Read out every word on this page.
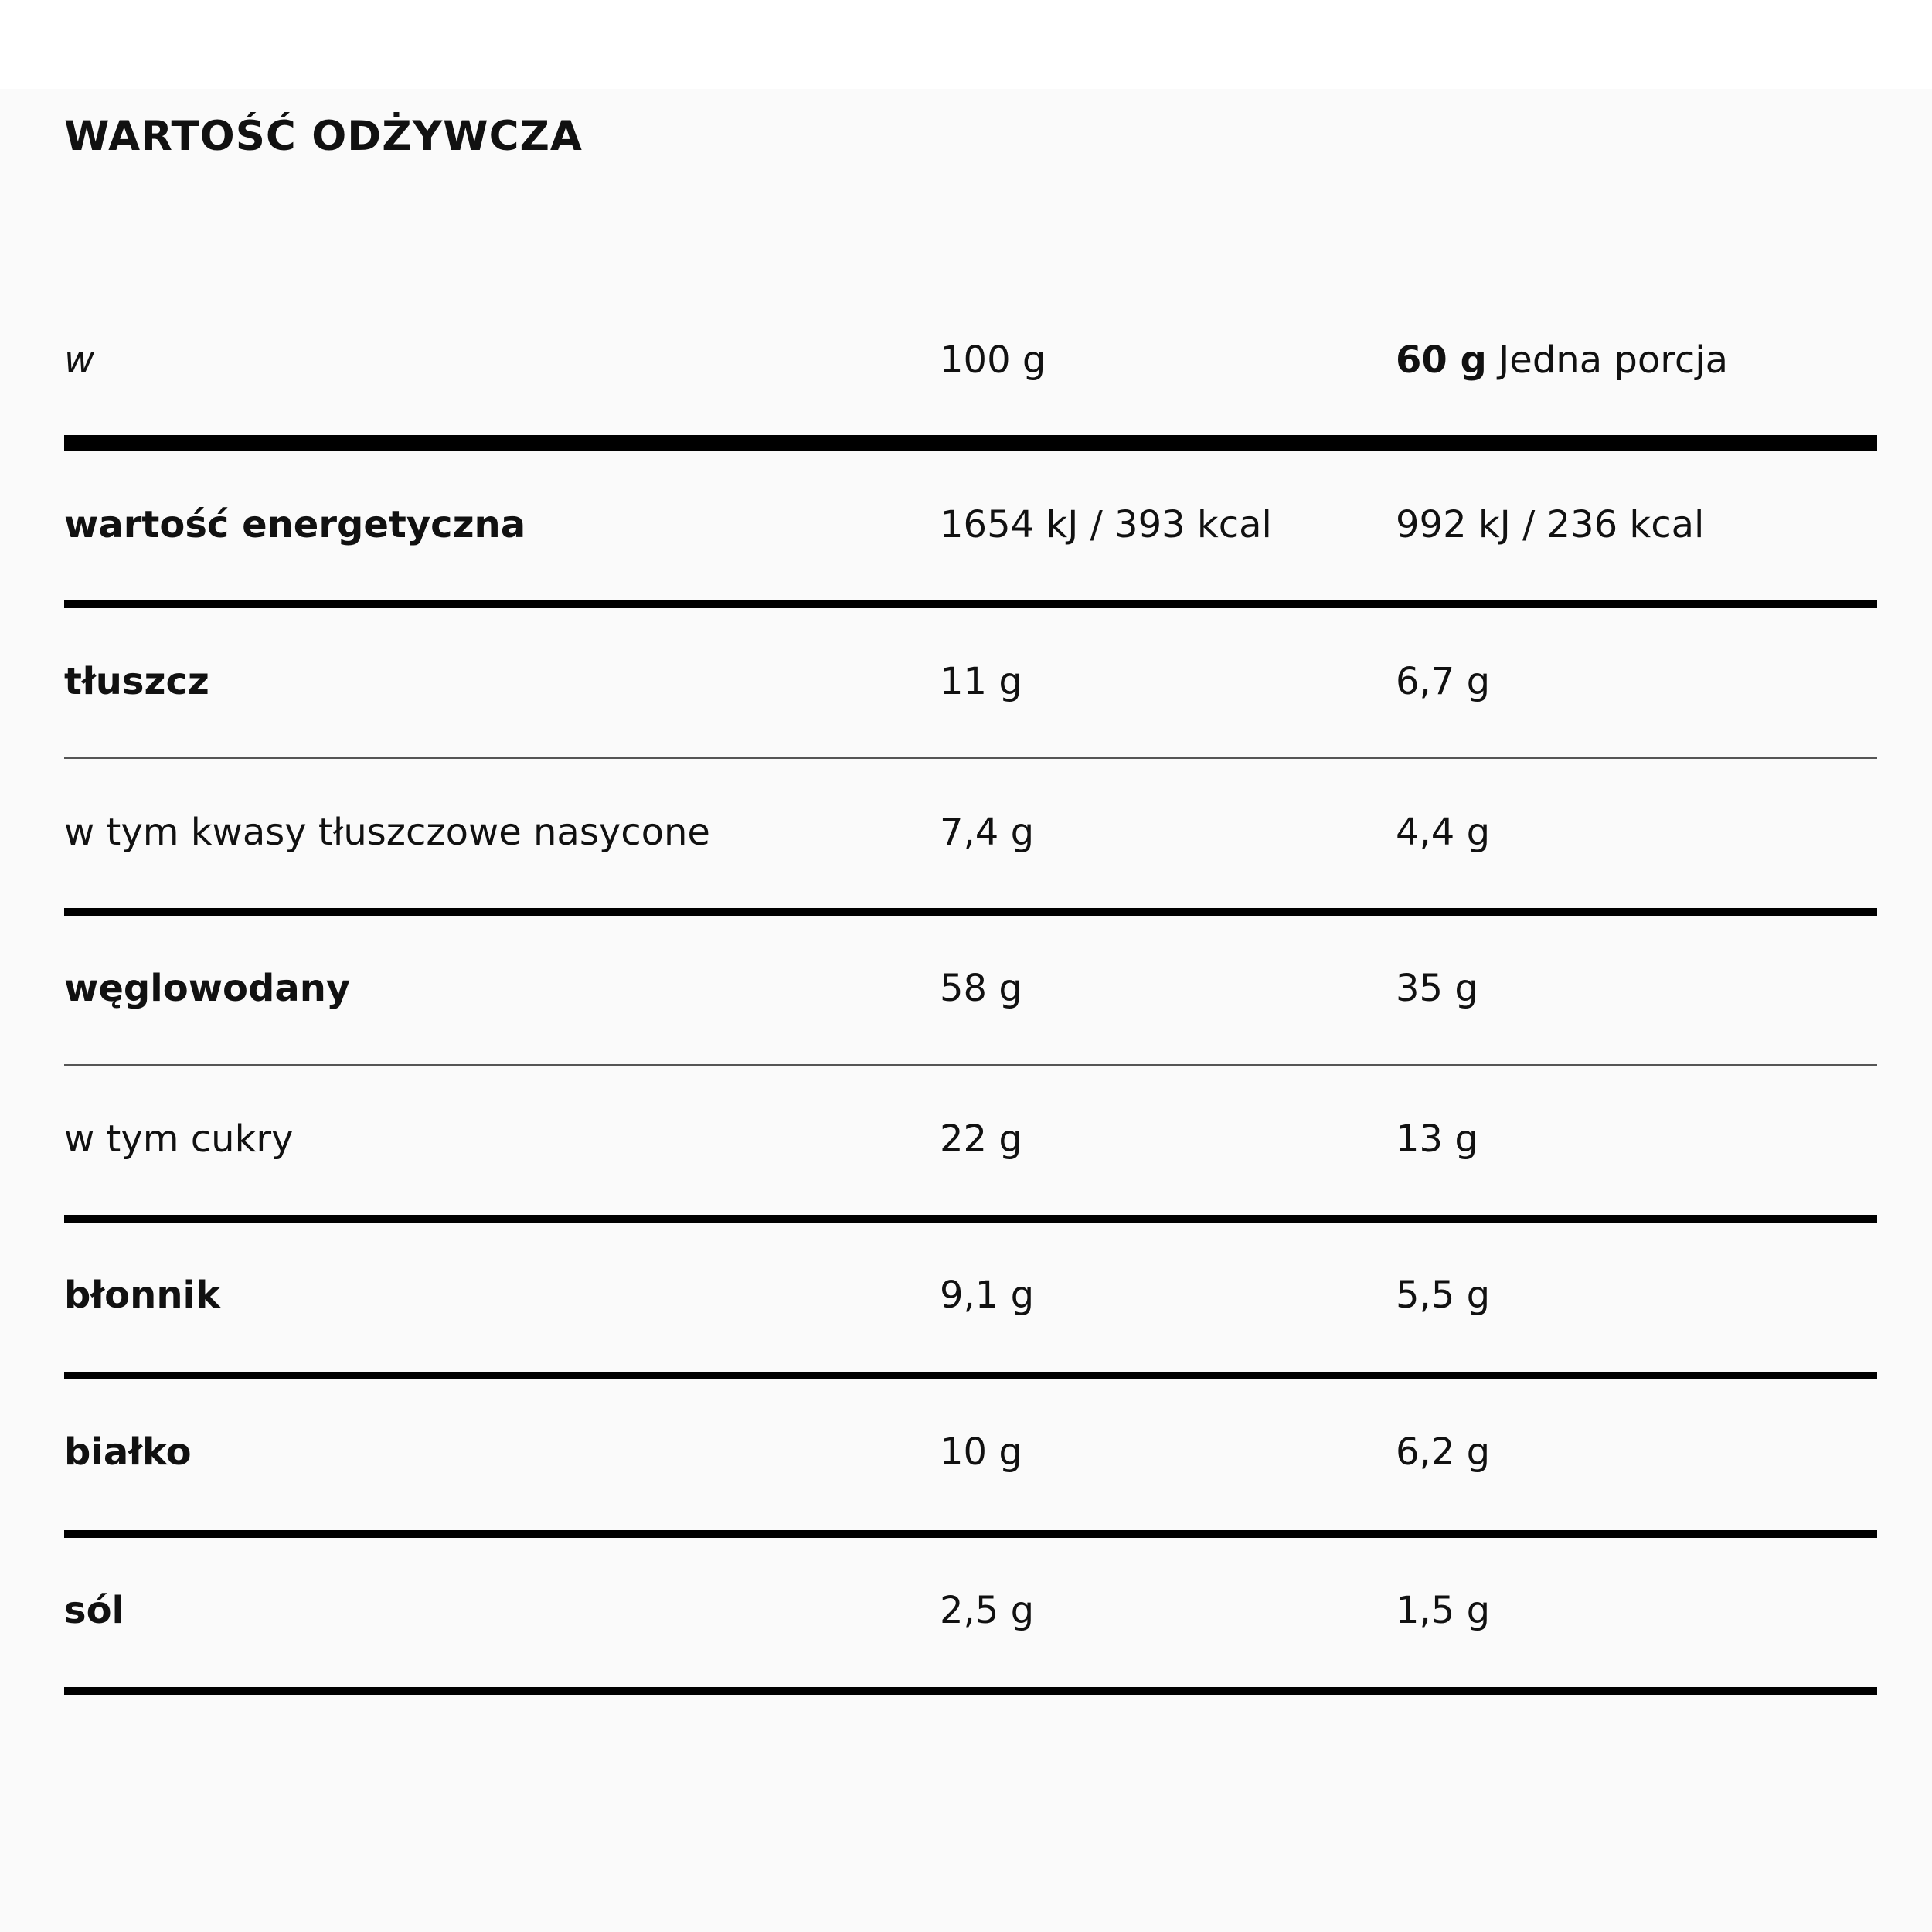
WARTOŚĆ ODŻYWCZA
w	100 g	60 g Jedna porcja
wartość energetyczna	1654 kJ / 393 kcal	992 kJ / 236 kcal
tłuszcz	11 g	6,7 g
w tym kwasy tłuszczowe nasycone	7,4 g	4,4 g
węglowodany	58 g	35 g
w tym cukry	22 g	13 g
błonnik	9,1 g	5,5 g
białko	10 g	6,2 g
sól	2,5 g	1,5 g
